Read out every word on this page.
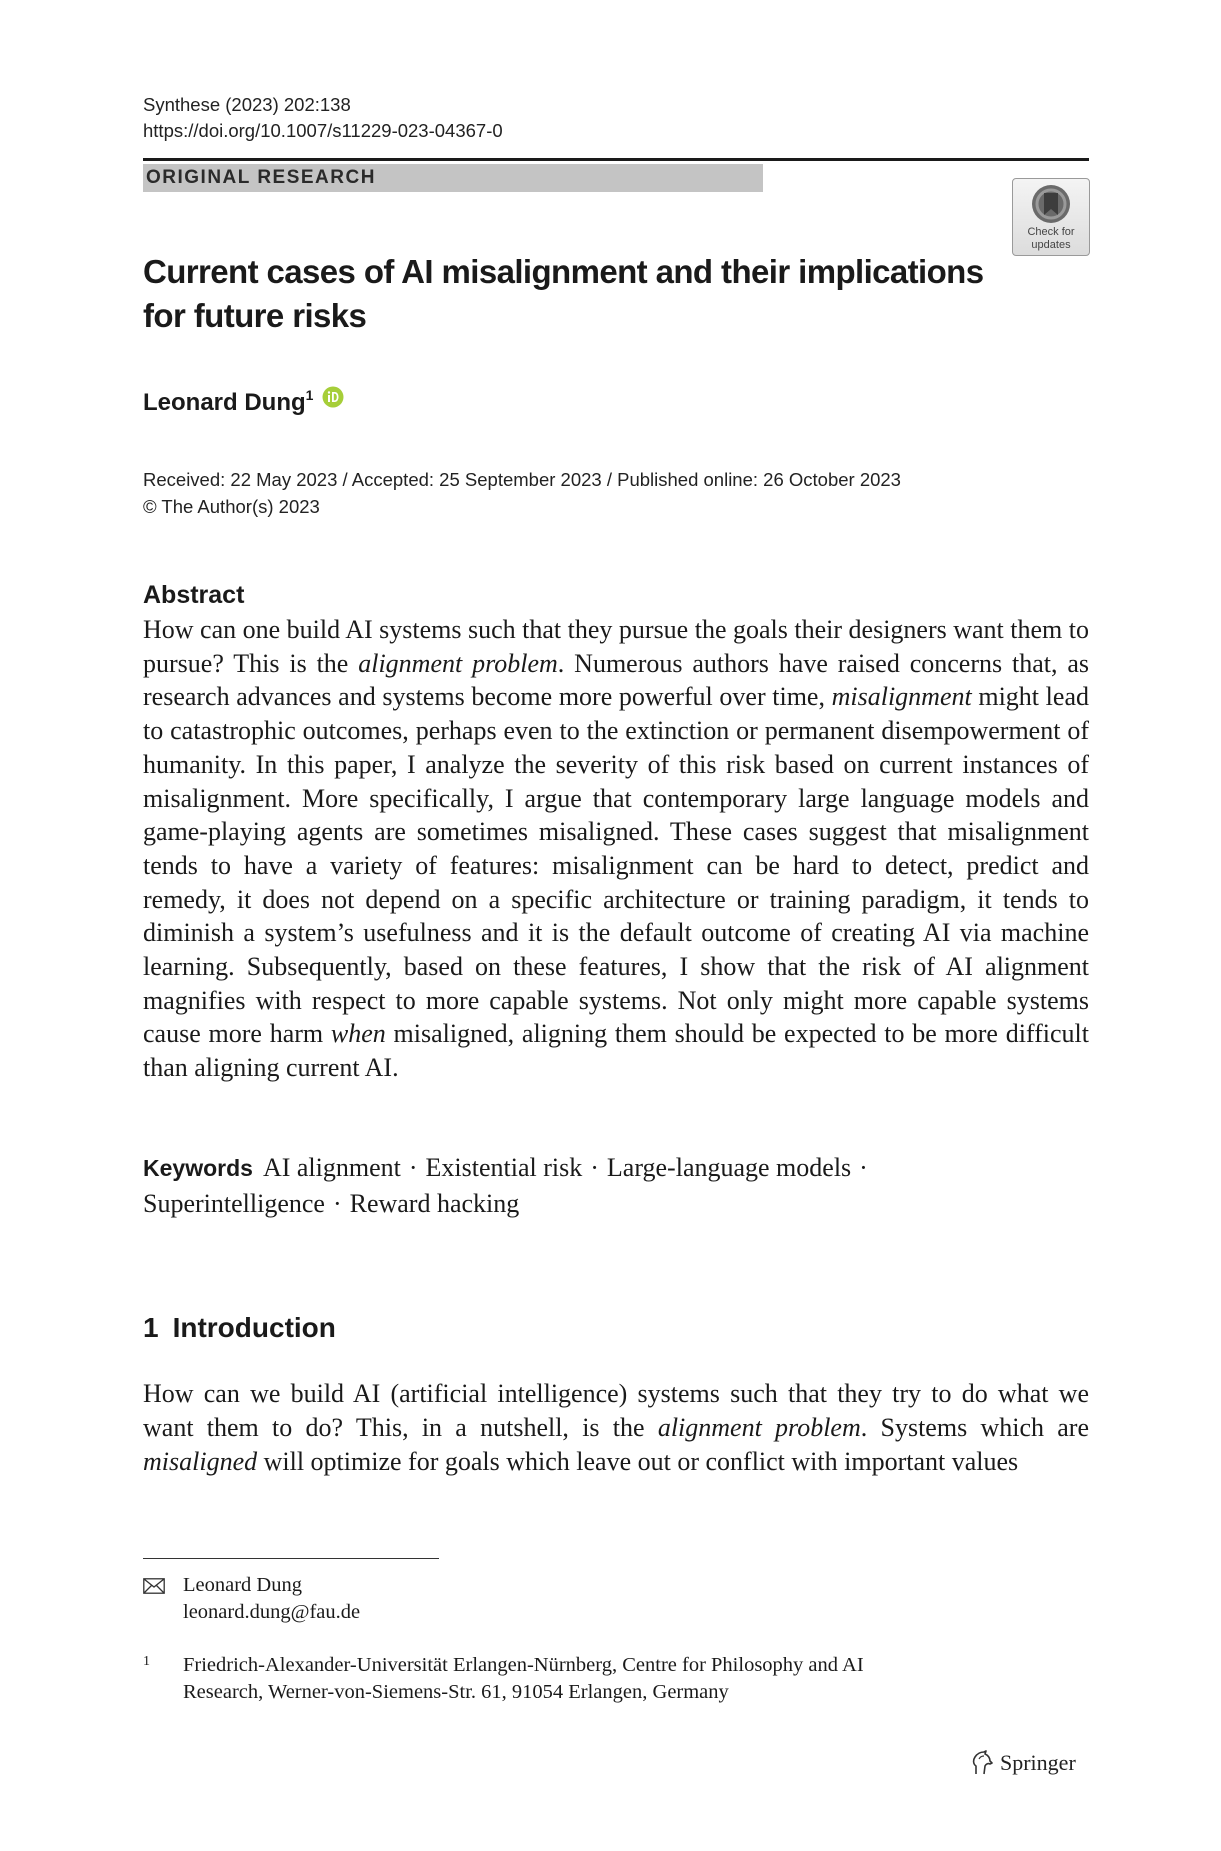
Synthese (2023) 202:138
https://doi.org/10.1007/s11229-023-04367-0
ORIGINAL RESEARCH
Check for
updates
Current cases of AI misalignment and their implications for future risks
Leonard Dung$^1$
Received: 22 May 2023 / Accepted: 25 September 2023 / Published online: 26 October 2023
© The Author(s) 2023
Abstract

How can one build AI systems such that they pursue the goals their designers want them to pursue? This is the alignment problem. Numerous authors have raised concerns that, as research advances and systems become more powerful over time, misalignment might lead to catastrophic outcomes, perhaps even to the extinction or permanent disempowerment of humanity. In this paper, I analyze the severity of this risk based on current instances of misalignment. More specifically, I argue that contemporary large language models and game-playing agents are sometimes misaligned. These cases suggest that misalignment tends to have a variety of features: misalignment can be hard to detect, predict and remedy, it does not depend on a specific architecture or training paradigm, it tends to diminish a system’s usefulness and it is the default outcome of creating AI via machine learning. Subsequently, based on these features, I show that the risk of AI alignment magnifies with respect to more capable systems. Not only might more capable systems cause more harm when misaligned, aligning them should be expected to be more difficult than aligning current AI.

Keywords AI alignment · Existential risk · Large-language models ·
Superintelligence · Reward hacking
1 Introduction

How can we build AI (artificial intelligence) systems such that they try to do what we want them to do? This, in a nutshell, is the alignment problem. Systems which are misaligned will optimize for goals which leave out or conflict with important values

Leonard Dung
leonard.dung@fau.de
1 Friedrich-Alexander-Universität Erlangen-Nürnberg, Centre for Philosophy and AI
Research, Werner-von-Siemens-Str. 61, 91054 Erlangen, Germany
Springer
